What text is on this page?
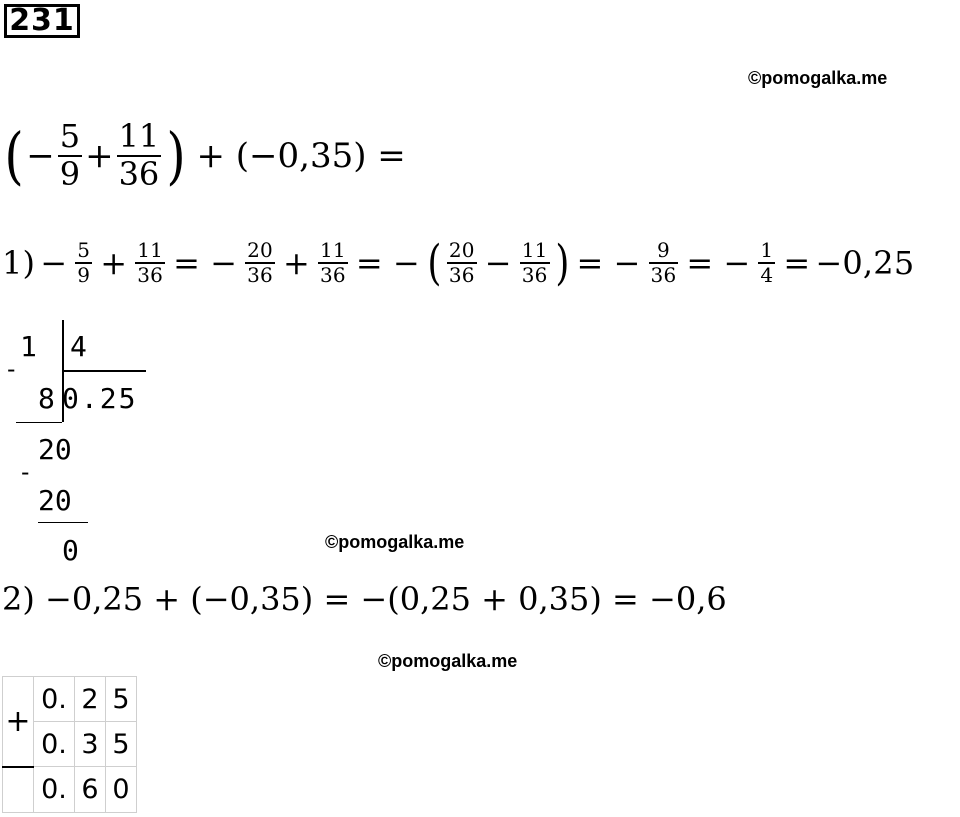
231
©pomogalka.me
©pomogalka.me
©pomogalka.me
( − $\frac{5}{9} + \frac{11}{36}$ ) + (−0,35) =
$1) - \frac{5}{9} + \frac{11}{36}$ = − $\frac{20}{36} + \frac{11}{36}$ = − ( $\frac{20}{36} - \frac{11}{36}$ ) = − $\frac{9}{36}$ = − $\frac{1}{4} = -0,25$
1 4
-
8 0.25
20
-
20
0
2) −0,25 + (−0,35) = −(0,25 + 0,35) = −0,6
+	0.	2	5
	0.	3	5
	0.	6	0
